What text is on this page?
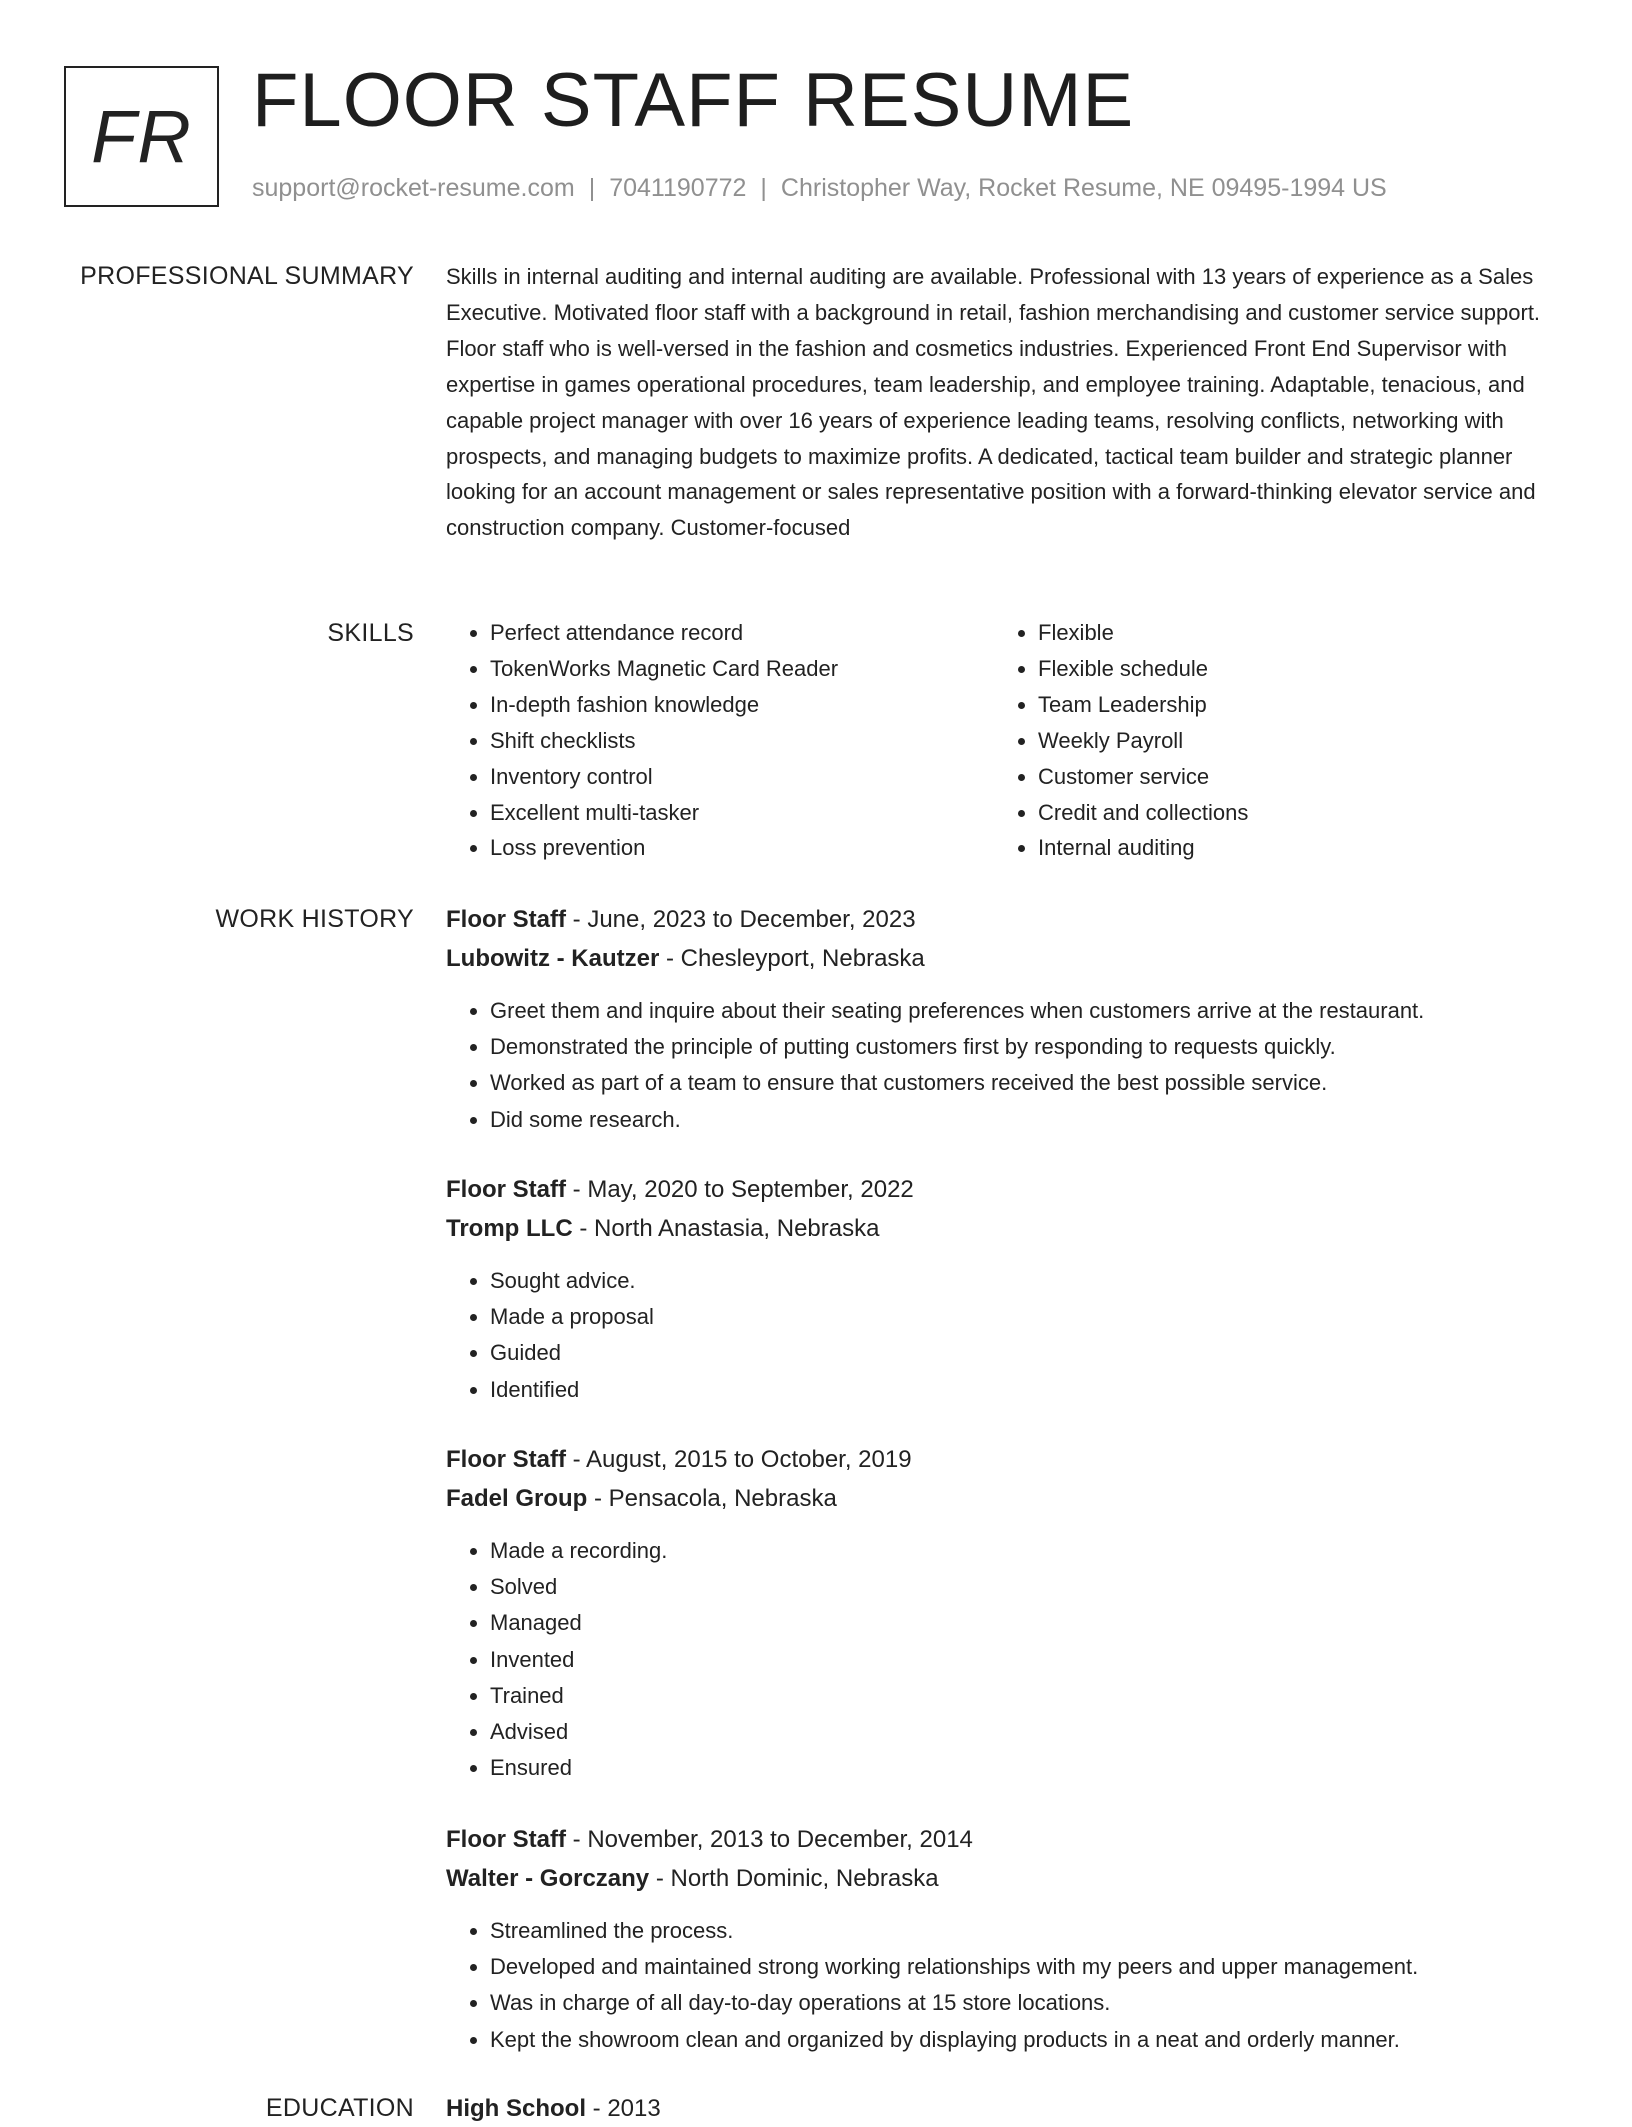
FR FLOOR STAFF RESUME
support@rocket-resume.com | 7041190772 | Christopher Way, Rocket Resume, NE 09495-1994 US
PROFESSIONAL SUMMARY Skills in internal auditing and internal auditing are available. Professional with 13 years of experience as a Sales Executive. Motivated floor staff with a background in retail, fashion merchandising and customer service support. Floor staff who is well-versed in the fashion and cosmetics industries. Experienced Front End Supervisor with expertise in games operational procedures, team leadership, and employee training. Adaptable, tenacious, and capable project manager with over 16 years of experience leading teams, resolving conflicts, networking with prospects, and managing budgets to maximize profits. A dedicated, tactical team builder and strategic planner looking for an account management or sales representative position with a forward-thinking elevator service and construction company. Customer-focused

SKILLS
•	Perfect attendance record
• TokenWorks Magnetic Card Reader
• In-depth fashion knowledge
• Shift checklists
• Inventory control
• Excellent multi-tasker
• Loss prevention
• Flexible
• Flexible schedule
• Team Leadership
• Weekly Payroll
• Customer service
• Credit and collections
• Internal auditing
WORK HISTORY Floor Staff - June, 2023 to December, 2023
Lubowitz - Kautzer - Chesleyport, Nebraska
• Greet them and inquire about their seating preferences when customers arrive at the restaurant.
• Demonstrated the principle of putting customers first by responding to requests quickly.
• Worked as part of a team to ensure that customers received the best possible service.
• Did some research.
Floor Staff - May, 2020 to September, 2022
Tromp LLC - North Anastasia, Nebraska
• Sought advice.
• Made a proposal
• Guided
• Identified
Floor Staff - August, 2015 to October, 2019
Fadel Group - Pensacola, Nebraska
• Made a recording.
• Solved
• Managed
• Invented
• Trained
• Advised
• Ensured
Floor Staff - November, 2013 to December, 2014
Walter - Gorczany - North Dominic, Nebraska
• Streamlined the process.
• Developed and maintained strong working relationships with my peers and upper management.
• Was in charge of all day-to-day operations at 15 store locations.
• Kept the showroom clean and organized by displaying products in a neat and orderly manner.
EDUCATION High School - 2013
